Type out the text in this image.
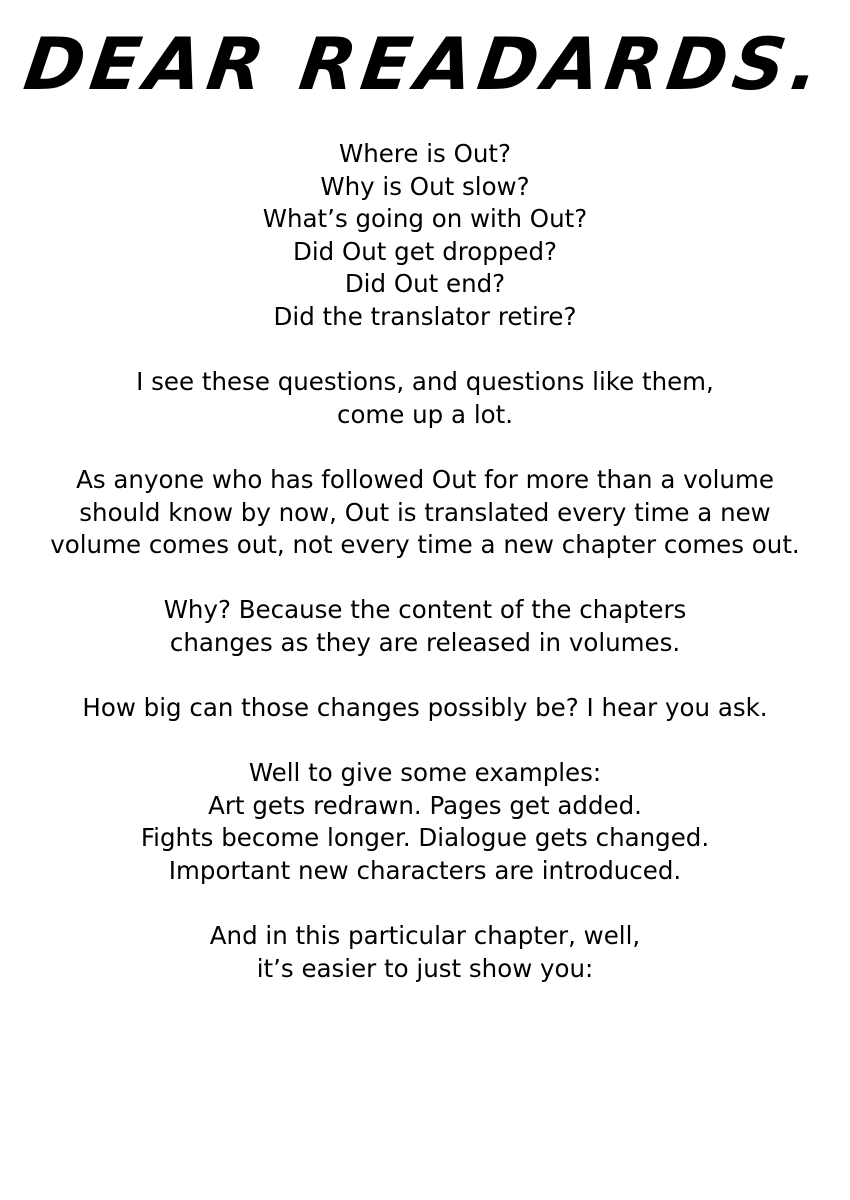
DEAR READARDS.

Where is Out?
Why is Out slow?
What’s going on with Out?
Did Out get dropped?
Did Out end?
Did the translator retire?

I see these questions, and questions like them,
come up a lot.

As anyone who has followed Out for more than a volume
should know by now, Out is translated every time a new
volume comes out, not every time a new chapter comes out.

Why? Because the content of the chapters
changes as they are released in volumes.

How big can those changes possibly be? I hear you ask.

Well to give some examples:
Art gets redrawn. Pages get added.
Fights become longer. Dialogue gets changed.
Important new characters are introduced.

And in this particular chapter, well,
it’s easier to just show you:
